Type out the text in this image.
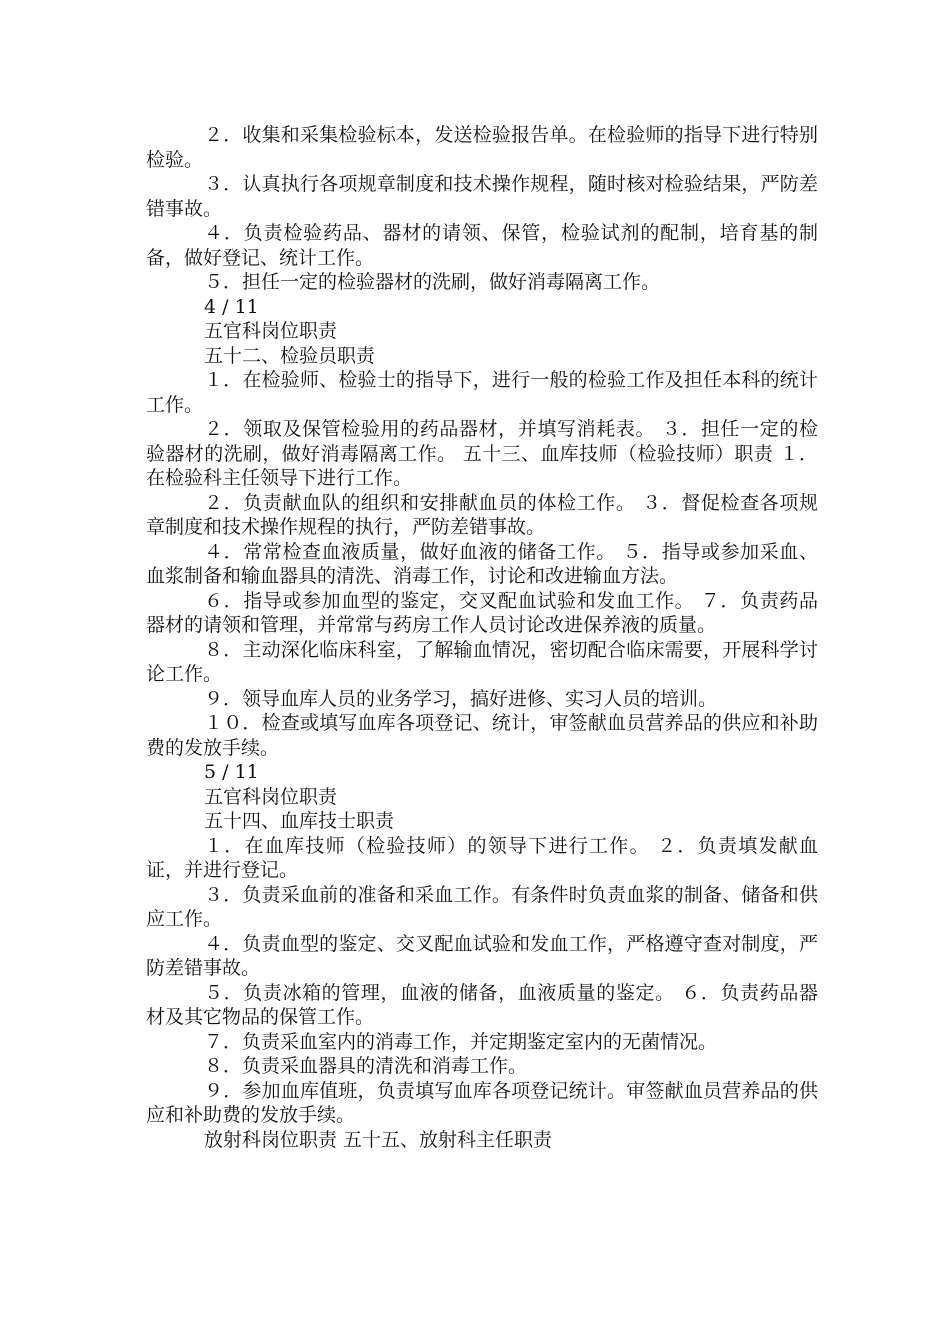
２．收集和采集检验标本，发送检验报告单。在检验师的指导下进行特别检验。

３．认真执行各项规章制度和技术操作规程，随时核对检验结果，严防差错事故。

４．负责检验药品、器材的请领、保管，检验试剂的配制，培育基的制备，做好登记、统计工作。

５．担任一定的检验器材的洗刷，做好消毒隔离工作。

4 / 11

五官科岗位职责

五十二、检验员职责

１．在检验师、检验士的指导下，进行一般的检验工作及担任本科的统计工作。

２．领取及保管检验用的药品器材，并填写消耗表。 ３．担任一定的检验器材的洗刷，做好消毒隔离工作。 五十三、血库技师（检验技师）职责 １．在检验科主任领导下进行工作。

２．负责献血队的组织和安排献血员的体检工作。 ３．督促检查各项规章制度和技术操作规程的执行，严防差错事故。

４．常常检查血液质量，做好血液的储备工作。 ５．指导或参加采血、血浆制备和输血器具的清洗、消毒工作，讨论和改进输血方法。

６．指导或参加血型的鉴定，交叉配血试验和发血工作。 ７．负责药品器材的请领和管理，并常常与药房工作人员讨论改进保养液的质量。

８．主动深化临床科室，了解输血情况，密切配合临床需要，开展科学讨论工作。

９．领导血库人员的业务学习，搞好进修、实习人员的培训。

１０．检查或填写血库各项登记、统计，审签献血员营养品的供应和补助费的发放手续。

5 / 11

五官科岗位职责

五十四、血库技士职责

１．在血库技师（检验技师）的领导下进行工作。 ２．负责填发献血证，并进行登记。

３．负责采血前的准备和采血工作。有条件时负责血浆的制备、储备和供应工作。

４．负责血型的鉴定、交叉配血试验和发血工作，严格遵守查对制度，严防差错事故。

５．负责冰箱的管理，血液的储备，血液质量的鉴定。 ６．负责药品器材及其它物品的保管工作。

７．负责采血室内的消毒工作，并定期鉴定室内的无菌情况。

８．负责采血器具的清洗和消毒工作。

９．参加血库值班，负责填写血库各项登记统计。审签献血员营养品的供应和补助费的发放手续。

放射科岗位职责 五十五、放射科主任职责
